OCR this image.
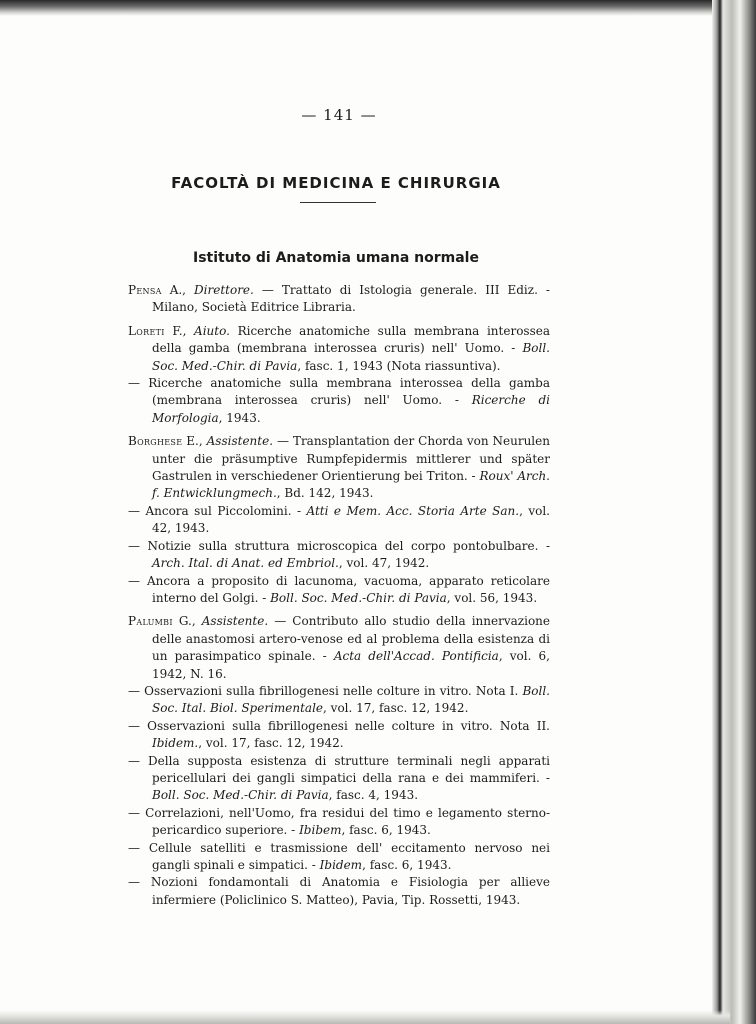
— 141 —
FACOLTÀ DI MEDICINA E CHIRURGIA
Istituto di Anatomia umana normale

Pensa A., Direttore. — Trattato di Istologia generale. III Ediz. - Milano, Società Editrice Libraria.

Loreti F., Aiuto. Ricerche anatomiche sulla membrana interossea della gamba (membrana interossea cruris) nell' Uomo. - Boll. Soc. Med.-Chir. di Pavia, fasc. 1, 1943 (Nota riassuntiva).

— Ricerche anatomiche sulla membrana interossea della gamba (membrana interossea cruris) nell' Uomo. - Ricerche di Morfologia, 1943.

Borghese E., Assistente. — Transplantation der Chorda von Neurulen unter die präsumptive Rumpfepidermis mittlerer und später Gastrulen in verschiedener Orientierung bei Triton. - Roux' Arch. f. Entwicklungmech., Bd. 142, 1943.

— Ancora sul Piccolomini. - Atti e Mem. Acc. Storia Arte San., vol. 42, 1943.

— Notizie sulla struttura microscopica del corpo pontobulbare. - Arch. Ital. di Anat. ed Embriol., vol. 47, 1942.

— Ancora a proposito di lacunoma, vacuoma, apparato reticolare interno del Golgi. - Boll. Soc. Med.-Chir. di Pavia, vol. 56, 1943.

Palumbi G., Assistente. — Contributo allo studio della innervazione delle anastomosi artero-venose ed al problema della esistenza di un parasimpatico spinale. - Acta dell'Accad. Pontificia, vol. 6, 1942, N. 16.

— Osservazioni sulla fibrillogenesi nelle colture in vitro. Nota I. Boll. Soc. Ital. Biol. Sperimentale, vol. 17, fasc. 12, 1942.

— Osservazioni sulla fibrillogenesi nelle colture in vitro. Nota II. Ibidem., vol. 17, fasc. 12, 1942.

— Della supposta esistenza di strutture terminali negli apparati pericellulari dei gangli simpatici della rana e dei mammiferi. - Boll. Soc. Med.-Chir. di Pavia, fasc. 4, 1943.

— Correlazioni, nell'Uomo, fra residui del timo e legamento sterno-pericardico superiore. - Ibibem, fasc. 6, 1943.

— Cellule satelliti e trasmissione dell' eccitamento nervoso nei gangli spinali e simpatici. - Ibidem, fasc. 6, 1943.

— Nozioni fondamontali di Anatomia e Fisiologia per allieve infermiere (Policlinico S. Matteo), Pavia, Tip. Rossetti, 1943.
